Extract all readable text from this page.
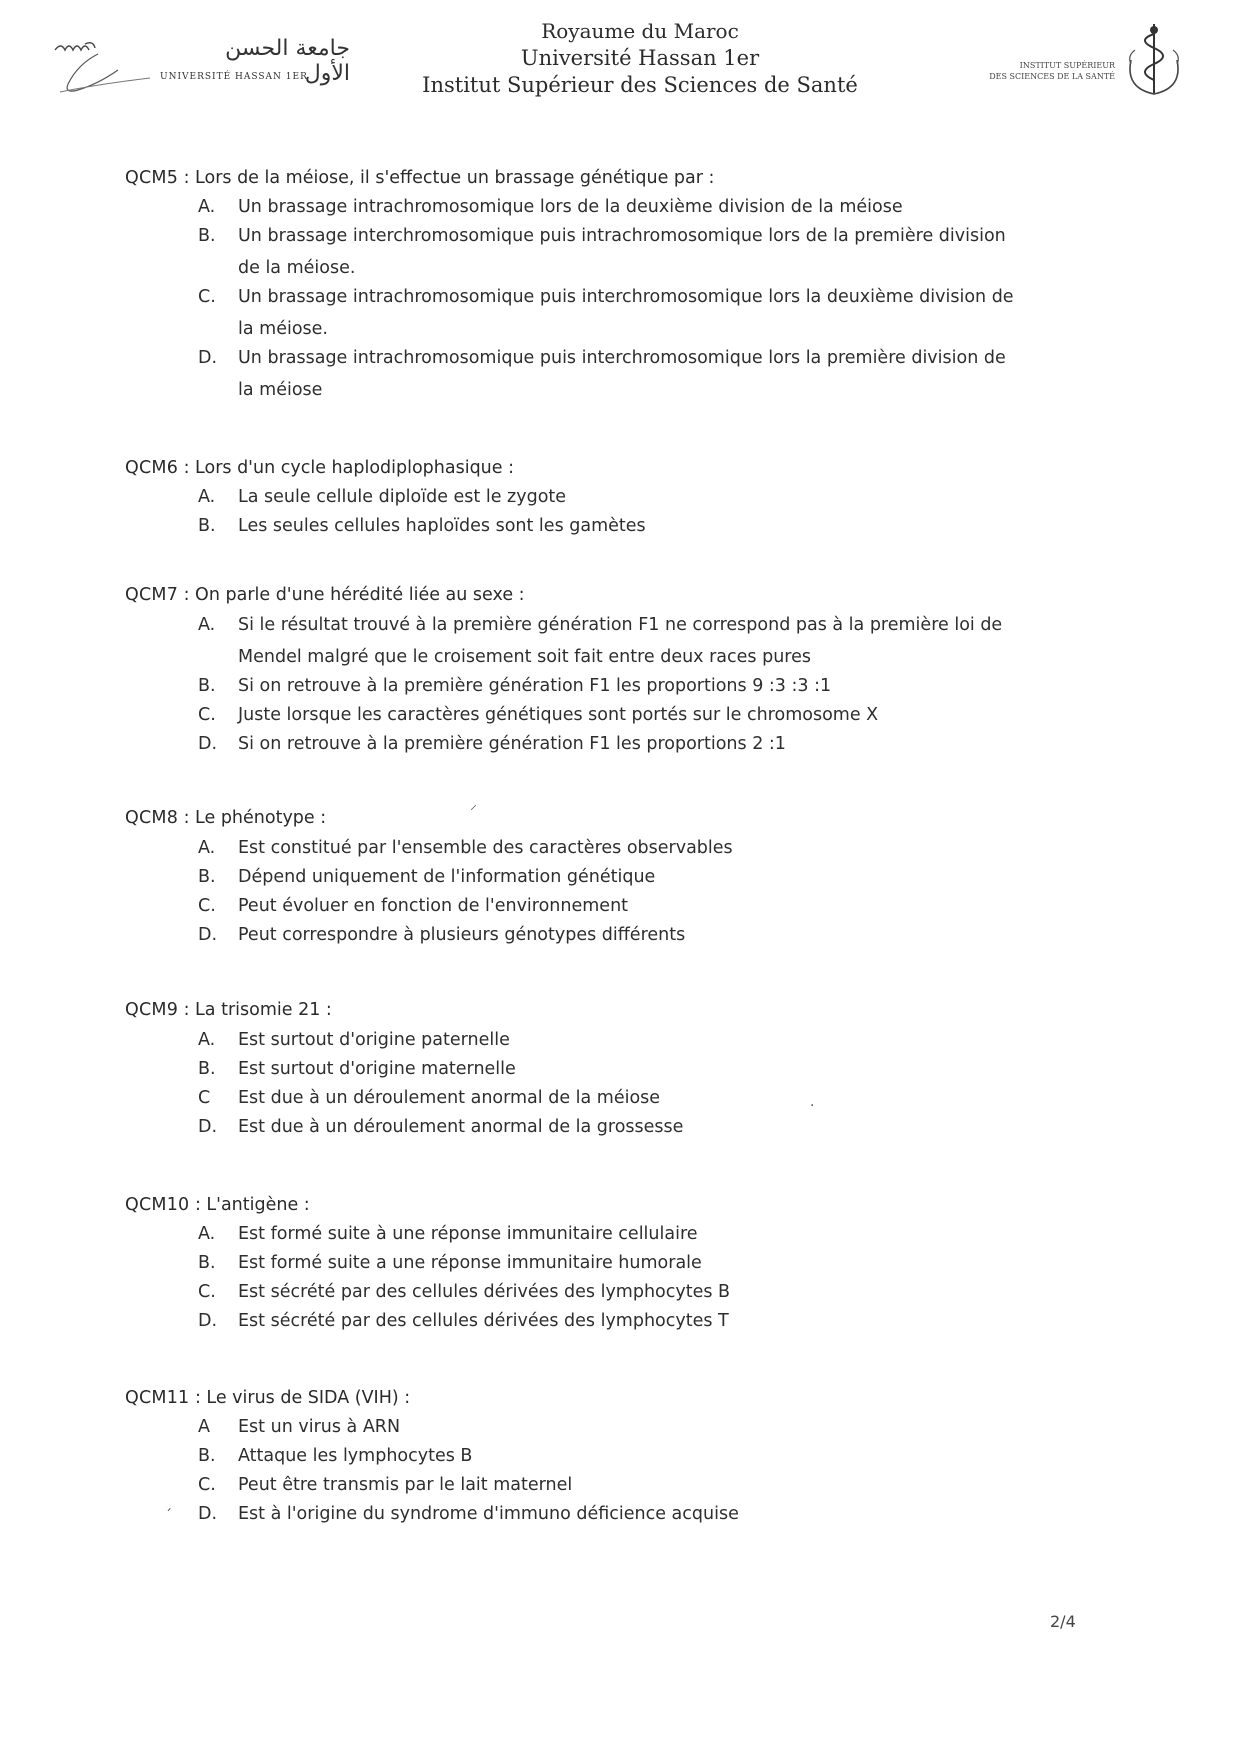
جامعة الحسن الأول
UNIVERSITÉ HASSAN 1ER
Royaume du Maroc
Université Hassan 1er
Institut Supérieur des Sciences de Santé
INSTITUT SUPÉRIEUR
DES SCIENCES DE LA SANTÉ
QCM5 : Lors de la méiose, il s'effectue un brassage génétique par :
A.	Un brassage intrachromosomique lors de la deuxième division de la méiose
B.	Un brassage interchromosomique puis intrachromosomique lors de la première division
de la méiose.
C.	Un brassage intrachromosomique puis interchromosomique lors la deuxième division de
la méiose.
D.	Un brassage intrachromosomique puis interchromosomique lors la première division de
la méiose
QCM6 : Lors d'un cycle haplodiplophasique :
A.	La seule cellule diploïde est le zygote
B.	Les seules cellules haploïdes sont les gamètes
QCM7 : On parle d'une hérédité liée au sexe :
A.	Si le résultat trouvé à la première génération F1 ne correspond pas à la première loi de
Mendel malgré que le croisement soit fait entre deux races pures
B.	Si on retrouve à la première génération F1 les proportions 9 :3 :3 :1
C.	Juste lorsque les caractères génétiques sont portés sur le chromosome X
D.	Si on retrouve à la première génération F1 les proportions 2 :1
QCM8 : Le phénotype :
A.	Est constitué par l'ensemble des caractères observables
B.	Dépend uniquement de l'information génétique
C.	Peut évoluer en fonction de l'environnement
D.	Peut correspondre à plusieurs génotypes différents
QCM9 : La trisomie 21 :
A.	Est surtout d'origine paternelle
B.	Est surtout d'origine maternelle
C	Est due à un déroulement anormal de la méiose
D.	Est due à un déroulement anormal de la grossesse
QCM10 : L'antigène :
A.	Est formé suite à une réponse immunitaire cellulaire
B.	Est formé suite a une réponse immunitaire humorale
C.	Est sécrété par des cellules dérivées des lymphocytes B
D.	Est sécrété par des cellules dérivées des lymphocytes T
QCM11 : Le virus de SIDA (VIH) :
A	Est un virus à ARN
B.	Attaque les lymphocytes B
C.	Peut être transmis par le lait maternel
D.	Est à l'origine du syndrome d'immuno déficience acquise
2/4
⸝
·
´
